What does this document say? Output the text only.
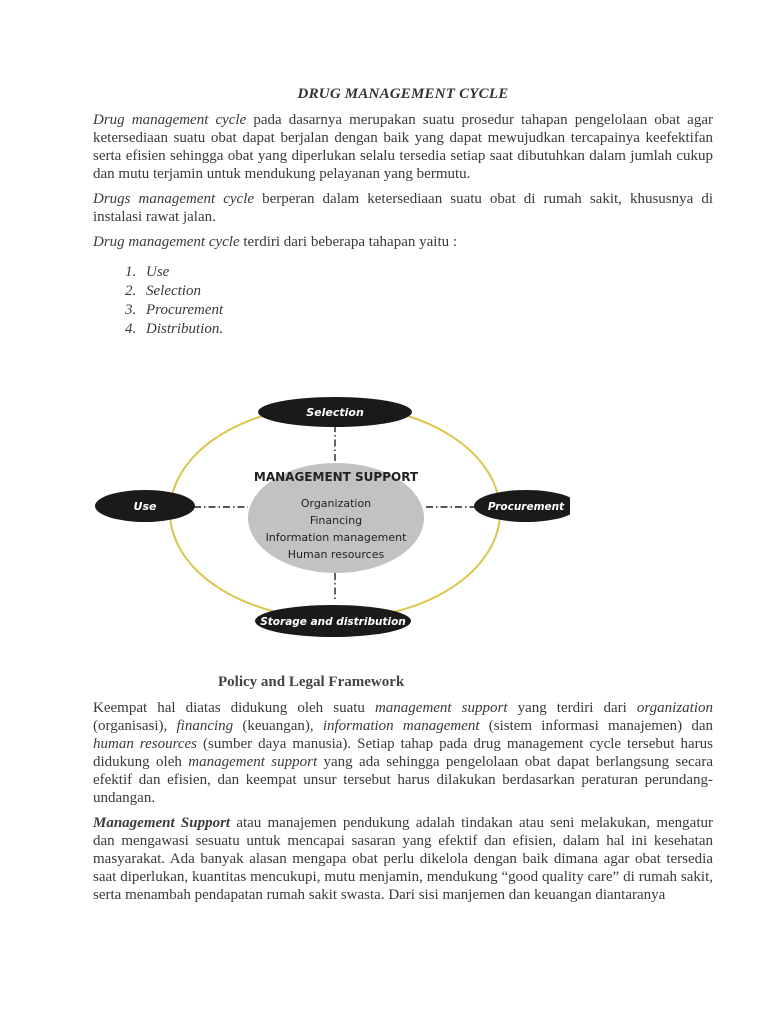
DRUG MANAGEMENT CYCLE

Drug management cycle pada dasarnya merupakan suatu prosedur tahapan pengelolaan obat agar ketersediaan suatu obat dapat berjalan dengan baik yang dapat mewujudkan tercapainya keefektifan serta efisien sehingga obat yang diperlukan selalu tersedia setiap saat dibutuhkan dalam jumlah cukup dan mutu terjamin untuk mendukung pelayanan yang bermutu.

Drugs management cycle berperan dalam ketersediaan suatu obat di rumah sakit, khususnya di instalasi rawat jalan.

Drug management cycle terdiri dari beberapa tahapan yaitu :

1. Use
2. Selection
3. Procurement
4. Distribution.
MANAGEMENT SUPPORT
Organization
Financing
Information management
Human resources
Selection
Use	Procurement
Storage and distribution
Policy and Legal Framework

Keempat hal diatas didukung oleh suatu management support yang terdiri dari organization (organisasi), financing (keuangan), information management (sistem informasi manajemen) dan human resources (sumber daya manusia). Setiap tahap pada drug management cycle tersebut harus didukung oleh management support yang ada sehingga pengelolaan obat dapat berlangsung secara efektif dan efisien, dan keempat unsur tersebut harus dilakukan berdasarkan peraturan perundang-undangan.

Management Support atau manajemen pendukung adalah tindakan atau seni melakukan, mengatur dan mengawasi sesuatu untuk mencapai sasaran yang efektif dan efisien, dalam hal ini kesehatan masyarakat. Ada banyak alasan mengapa obat perlu dikelola dengan baik dimana agar obat tersedia saat diperlukan, kuantitas mencukupi, mutu menjamin, mendukung “good quality care” di rumah sakit, serta menambah pendapatan rumah sakit swasta. Dari sisi manjemen dan keuangan diantaranya
